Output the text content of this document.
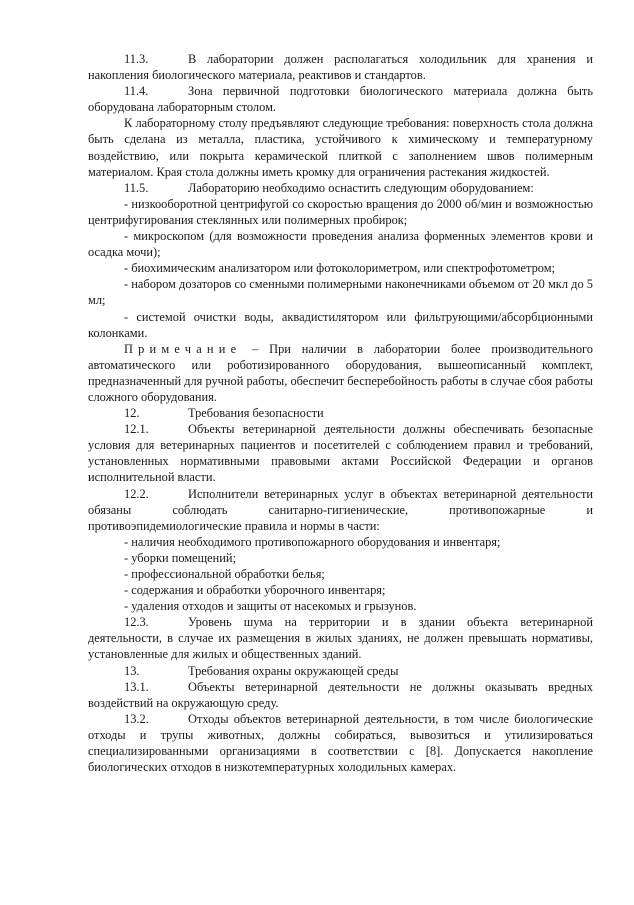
11.3.	В лаборатории должен располагаться холодильник для хранения и накопления биологического материала, реактивов и стандартов.

11.4.	Зона первичной подготовки биологического материала должна быть оборудована лабораторным столом.

К лабораторному столу предъявляют следующие требования: поверхность стола должна быть сделана из металла, пластика, устойчивого к химическому и температурному воздействию, или покрыта керамической плиткой с заполнением швов полимерным материалом. Края стола должны иметь кромку для ограничения растекания жидкостей.

11.5.	Лабораторию необходимо оснастить следующим оборудованием:

- низкооборотной центрифугой со скоростью вращения до 2000 об/мин и возможностью центрифугирования стеклянных или полимерных пробирок;

- микроскопом (для возможности проведения анализа форменных элементов крови и осадка мочи);

- биохимическим анализатором или фотоколориметром, или спектрофотометром;

- набором дозаторов со сменными полимерными наконечниками объемом от 20 мкл до 5 мл;

- системой очистки воды, аквадистилятором или фильтрующими/абсорбционными колонками.

Примечание – При наличии в лаборатории более производительного автоматического или роботизированного оборудования, вышеописанный комплект, предназначенный для ручной работы, обеспечит бесперебойность работы в случае сбоя работы сложного оборудования.

12.	Требования безопасности

12.1.	Объекты ветеринарной деятельности должны обеспечивать безопасные условия для ветеринарных пациентов и посетителей с соблюдением правил и требований, установленных нормативными правовыми актами Российской Федерации и органов исполнительной власти.

12.2.	Исполнители ветеринарных услуг в объектах ветеринарной деятельности обязаны соблюдать санитарно-гигиенические, противопожарные и противоэпидемиологические правила и нормы в части:

- наличия необходимого противопожарного оборудования и инвентаря;

- уборки помещений;

- профессиональной обработки белья;

- содержания и обработки уборочного инвентаря;

- удаления отходов и защиты от насекомых и грызунов.

12.3.	Уровень шума на территории и в здании объекта ветеринарной деятельности, в случае их размещения в жилых зданиях, не должен превышать нормативы, установленные для жилых и общественных зданий.

13.	Требования охраны окружающей среды

13.1.	Объекты ветеринарной деятельности не должны оказывать вредных воздействий на окружающую среду.

13.2.	Отходы объектов ветеринарной деятельности, в том числе биологические отходы и трупы животных, должны собираться, вывозиться и утилизироваться специализированными организациями в соответствии с [8]. Допускается накопление биологических отходов в низкотемпературных холодильных камерах.
